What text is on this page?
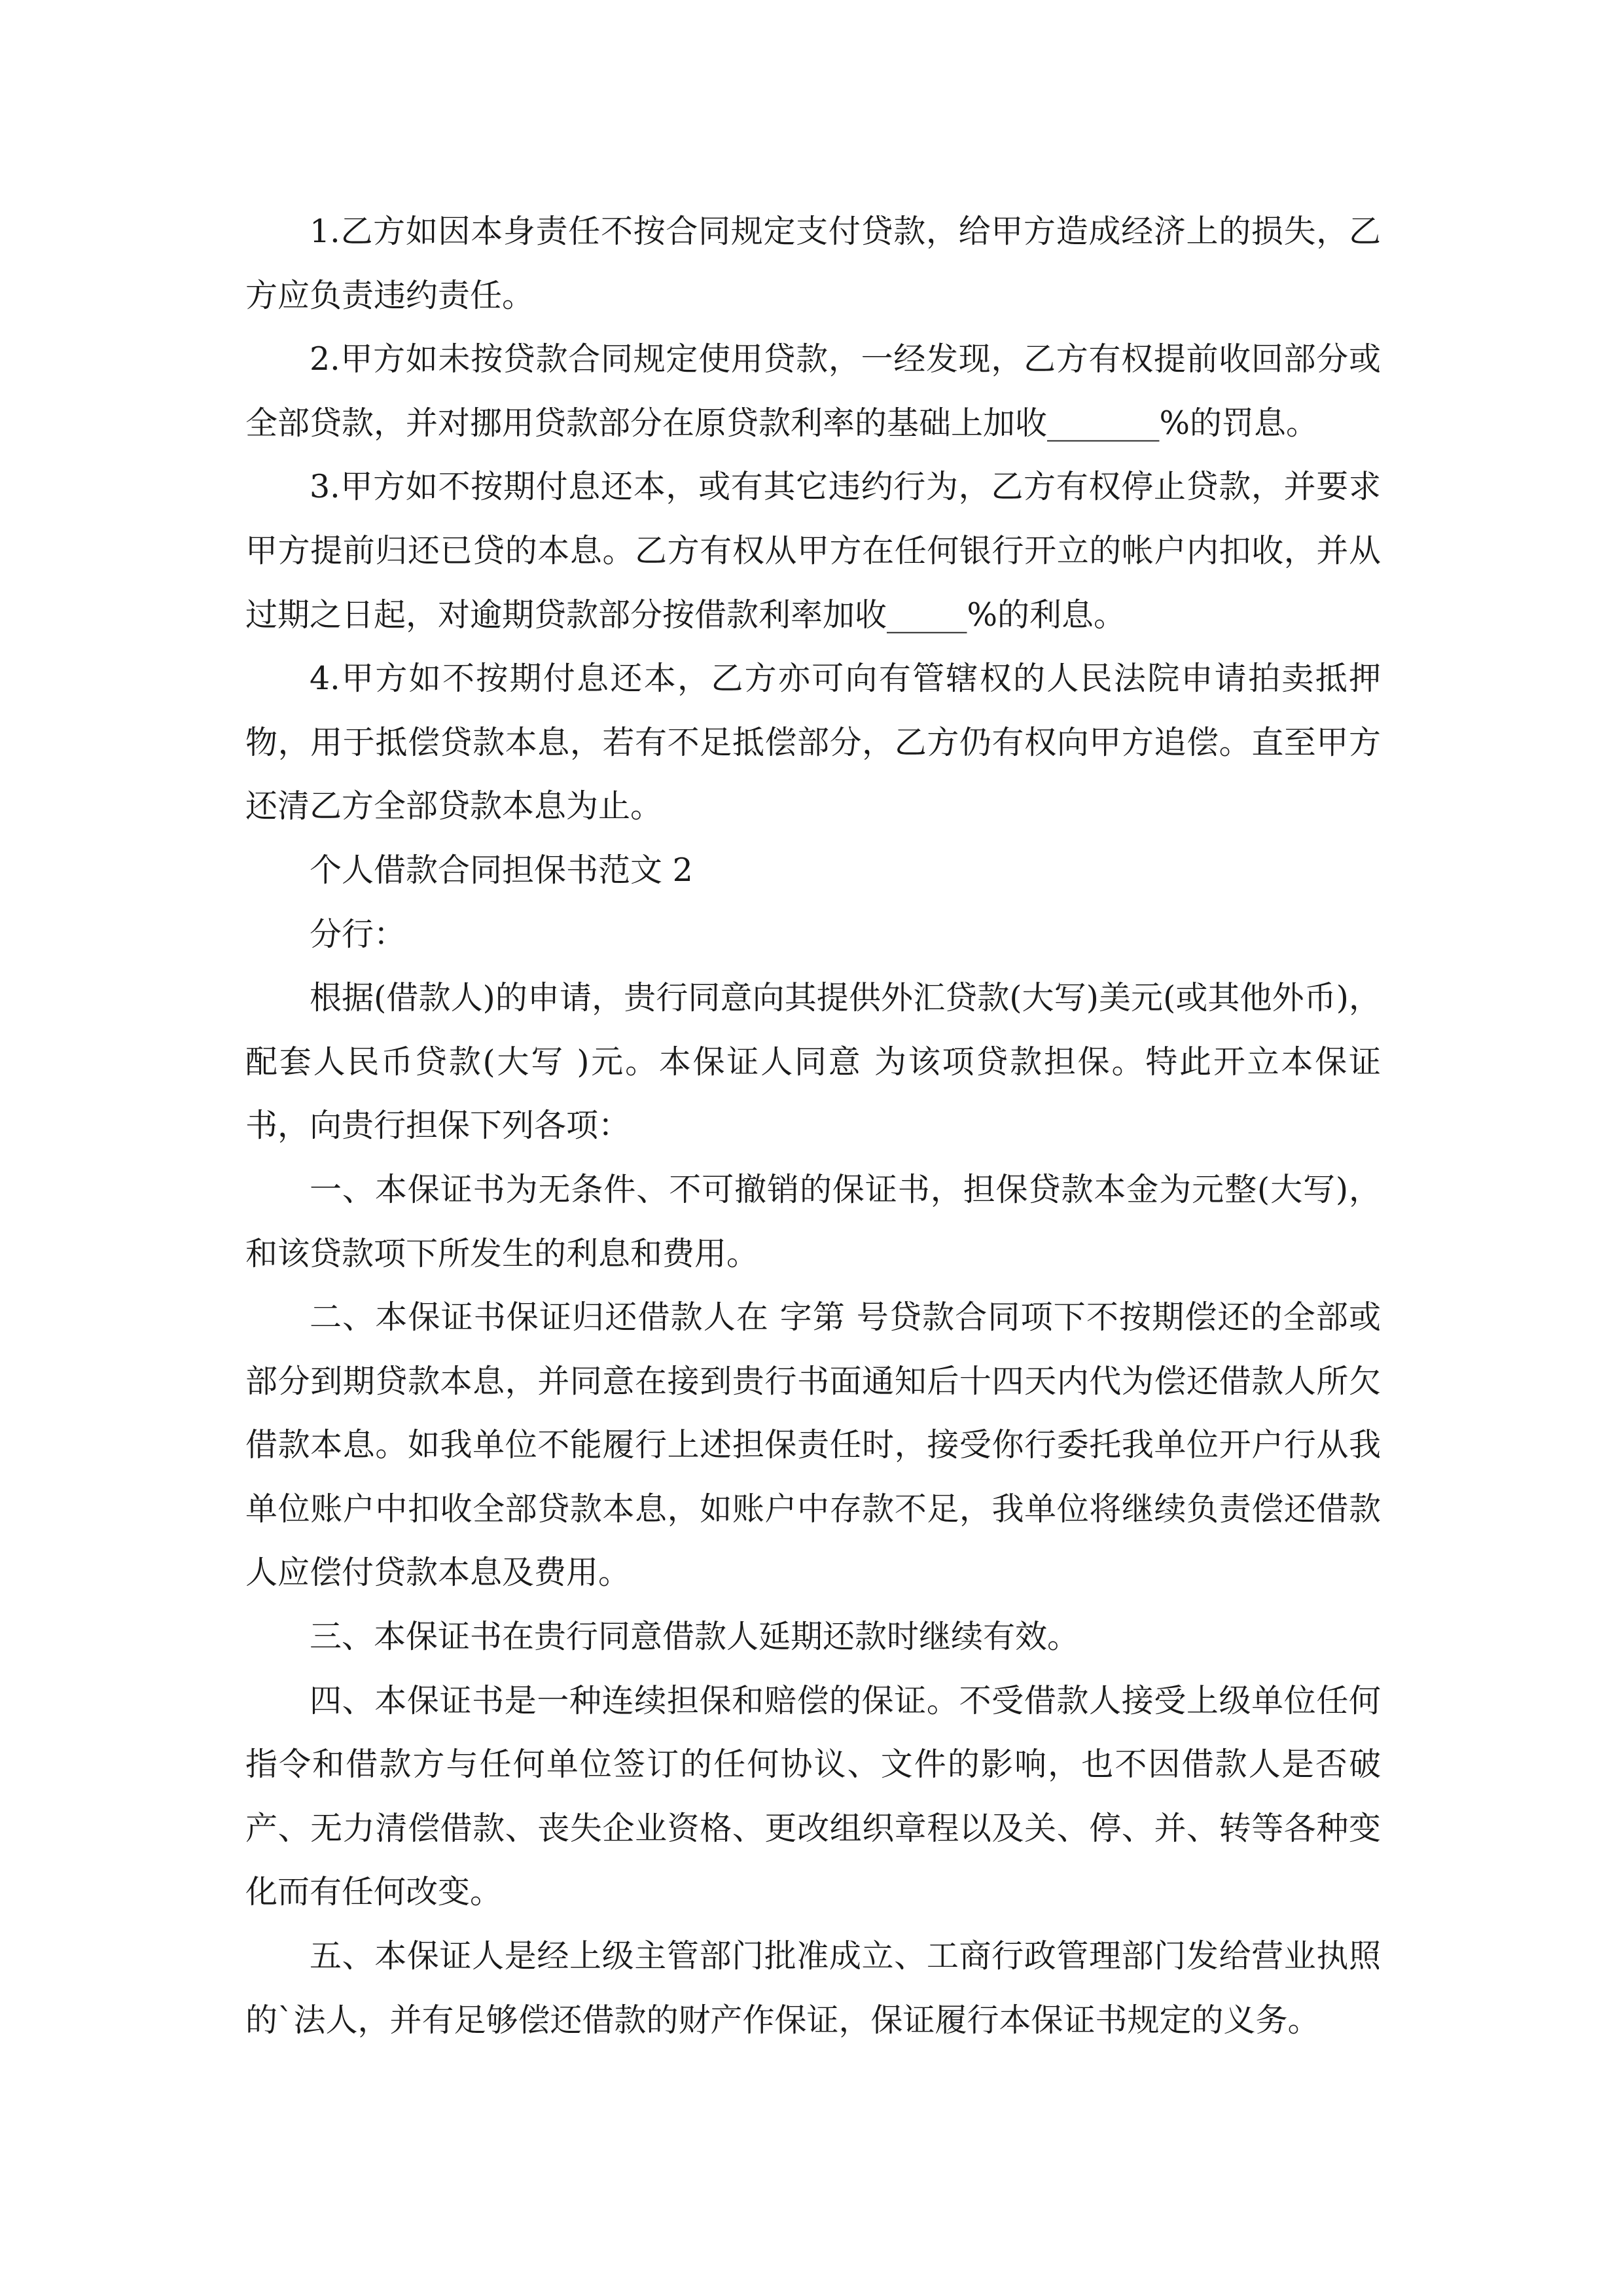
1.乙方如因本身责任不按合同规定支付贷款，给甲方造成经济上的损失，乙方应负责违约责任。

2.甲方如未按贷款合同规定使用贷款，一经发现，乙方有权提前收回部分或全部贷款，并对挪用贷款部分在原贷款利率的基础上加收_______%的罚息。

3.甲方如不按期付息还本，或有其它违约行为，乙方有权停止贷款，并要求甲方提前归还已贷的本息。乙方有权从甲方在任何银行开立的帐户内扣收，并从过期之日起，对逾期贷款部分按借款利率加收_____%的利息。

4.甲方如不按期付息还本，乙方亦可向有管辖权的人民法院申请拍卖抵押物，用于抵偿贷款本息，若有不足抵偿部分，乙方仍有权向甲方追偿。直至甲方还清乙方全部贷款本息为止。

个人借款合同担保书范文 2

分行：

根据(借款人)的申请，贵行同意向其提供外汇贷款(大写)美元(或其他外币)，配套人民币贷款(大写 )元。本保证人同意 为该项贷款担保。特此开立本保证书，向贵行担保下列各项：

一、本保证书为无条件、不可撤销的保证书，担保贷款本金为元整(大写)，和该贷款项下所发生的利息和费用。

二、本保证书保证归还借款人在 字第 号贷款合同项下不按期偿还的全部或部分到期贷款本息，并同意在接到贵行书面通知后十四天内代为偿还借款人所欠借款本息。如我单位不能履行上述担保责任时，接受你行委托我单位开户行从我单位账户中扣收全部贷款本息，如账户中存款不足，我单位将继续负责偿还借款人应偿付贷款本息及费用。

三、本保证书在贵行同意借款人延期还款时继续有效。

四、本保证书是一种连续担保和赔偿的保证。不受借款人接受上级单位任何指令和借款方与任何单位签订的任何协议、文件的影响，也不因借款人是否破产、无力清偿借款、丧失企业资格、更改组织章程以及关、停、并、转等各种变化而有任何改变。

五、本保证人是经上级主管部门批准成立、工商行政管理部门发给营业执照的`法人，并有足够偿还借款的财产作保证，保证履行本保证书规定的义务。
